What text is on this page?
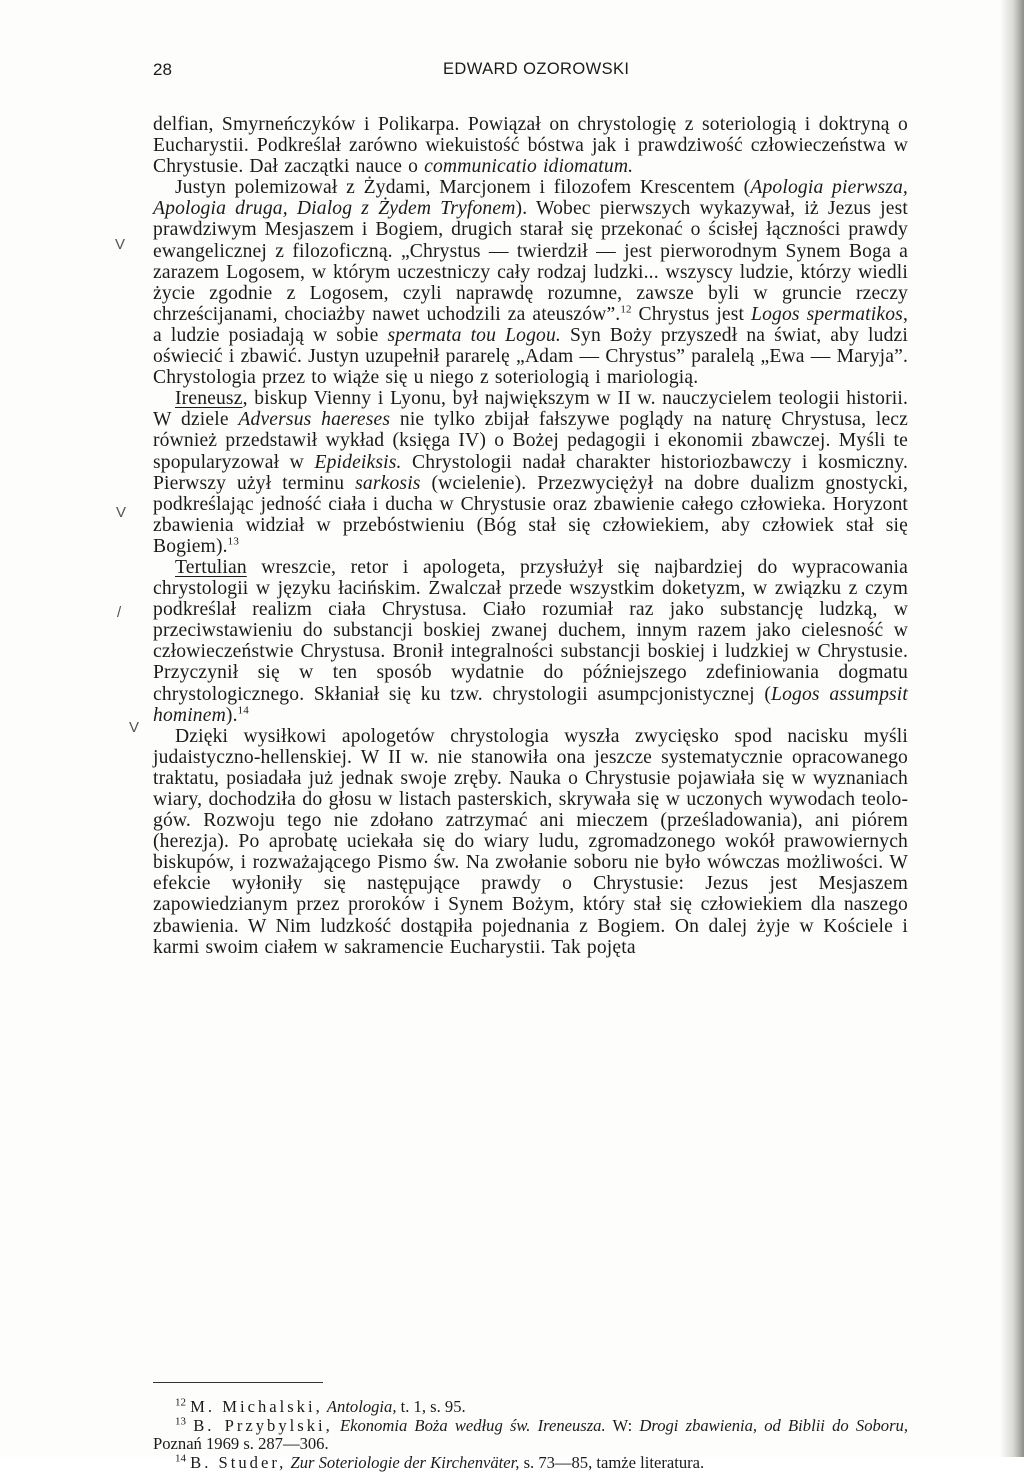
28	EDWARD OZOROWSKI
V
V
/
V

delfian, Smyrneńczyków i Polikarpa. Powiązał on chrystologię z soteriologią i doktryną o Eucharystii. Podkreślał zarówno wiekuistość bóstwa jak i prawdziwość człowieczeństwa w Chrystusie. Dał zaczątki nauce o communicatio idiomatum.

Justyn polemizował z Żydami, Marcjonem i filozofem Krescentem (Apologia pierwsza, Apologia druga, Dialog z Żydem Tryfonem). Wobec pierwszych wykazywał, iż Jezus jest prawdziwym Mesjaszem i Bogiem, drugich starał się przekonać o ścisłej łączności prawdy ewangelicznej z filozoficzną. „Chrystus — twierdził — jest pierworodnym Synem Boga a zarazem Logosem, w którym uczestniczy cały rodzaj ludzki... wszyscy ludzie, którzy wiedli życie zgodnie z Logosem, czyli naprawdę rozumne, zawsze byli w gruncie rzeczy chrześcijanami, chociażby nawet uchodzili za ateuszów”.$^{12}$ Chrystus jest Logos spermatikos, a ludzie posiadają w sobie spermata tou Logou. Syn Boży przyszedł na świat, aby ludzi oświecić i zbawić. Justyn uzupełnił pararelę „Adam — Chrystus” paralelą „Ewa — Maryja”. Chrystologia przez to wiąże się u niego z soteriologią i mariologią.

Ireneusz, biskup Vienny i Lyonu, był największym w II w. nauczycielem teologii historii. W dziele Adversus haereses nie tylko zbijał fałszywe poglądy na naturę Chrystusa, lecz również przedstawił wykład (księga IV) o Bożej pedagogii i ekonomii zbawczej. Myśli te spopularyzował w Epideiksis. Chrystologii nadał charakter historiozbawczy i kosmiczny. Pierwszy użył terminu sarkosis (wcielenie). Przezwyciężył na dobre dualizm gnostycki, podkreślając jedność ciała i ducha w Chrystusie oraz zbawienie całego człowieka. Horyzont zbawienia widział w przebóstwieniu (Bóg stał się człowiekiem, aby człowiek stał się Bogiem).$^{13}$

Tertulian wreszcie, retor i apologeta, przysłużył się najbardziej do wypracowania chrystologii w języku łacińskim. Zwalczał przede wszystkim doketyzm, w związku z czym podkreślał realizm ciała Chrystusa. Ciało rozumiał raz jako substancję ludzką, w przeciwstawieniu do substancji boskiej zwanej duchem, innym razem jako cielesność w człowieczeństwie Chrystusa. Bronił integralności substancji boskiej i ludzkiej w Chrystusie. Przyczynił się w ten sposób wydatnie do późniejszego zdefiniowania dogmatu chrystologicznego. Skłaniał się ku tzw. chrystologii asumpcjonistycznej (Logos assumpsit hominem).$^{14}$

Dzięki wysiłkowi apologetów chrystologia wyszła zwycięsko spod nacisku myśli judaistyczno-hellenskiej. W II w. nie stanowiła ona jeszcze systematycznie opracowanego traktatu, posiadała już jednak swoje zręby. Nauka o Chrystusie pojawiała się w wyznaniach wiary, dochodziła do głosu w listach pasterskich, skrywała się w uczonych wywodach teologów. Rozwoju tego nie zdołano zatrzymać ani mieczem (prześladowania), ani piórem (herezja). Po aprobatę uciekała się do wiary ludu, zgromadzonego wokół prawowiernych biskupów, i rozważającego Pismo św. Na zwołanie soboru nie było wówczas możliwości. W efekcie wyłoniły się następujące prawdy o Chrystusie: Jezus jest Mesjaszem zapowiedzianym przez proroków i Synem Bożym, który stał się człowiekiem dla naszego zbawienia. W Nim ludzkość dostąpiła pojednania z Bogiem. On dalej żyje w Kościele i karmi swoim ciałem w sakramencie Eucharystii. Tak pojęta

$^{12}$ M. Michalski, Antologia, t. 1, s. 95.

$^{13}$ B. Przybylski, Ekonomia Boża według św. Ireneusza. W: Drogi zbawienia, od Biblii do Soboru, Poznań 1969 s. 287—306.

$^{14}$ B. Studer, Zur Soteriologie der Kirchenväter, s. 73—85, tamże literatura.
